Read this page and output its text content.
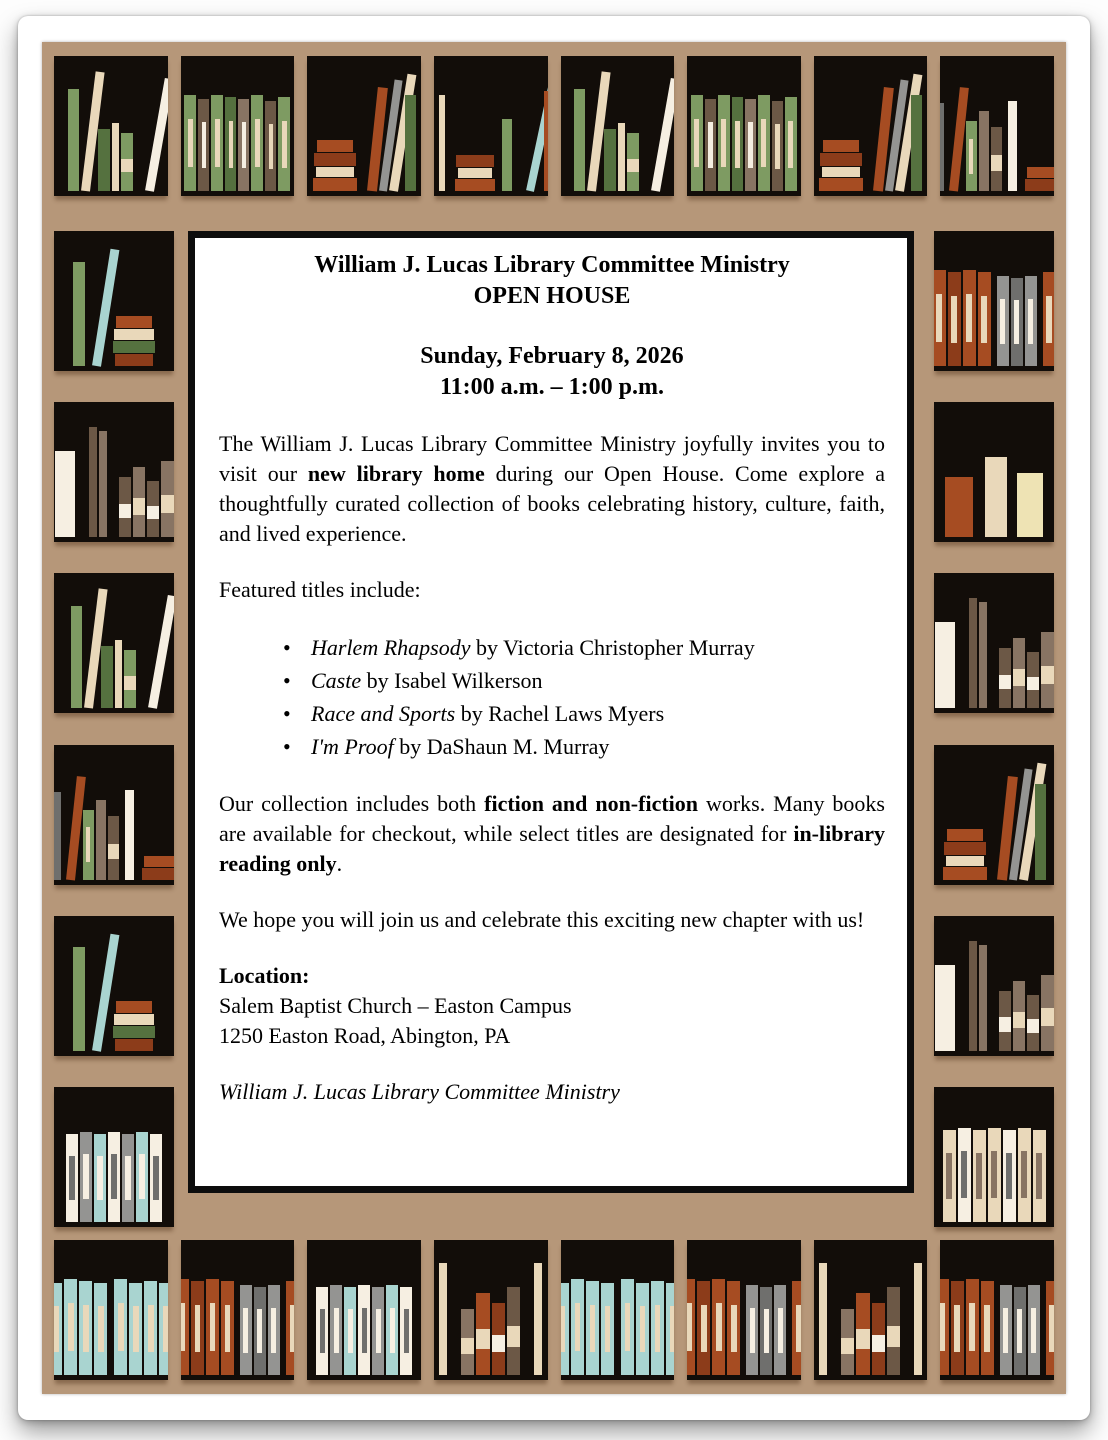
William J. Lucas Library Committee Ministry
OPEN HOUSE
Sunday, February 8, 2026
11:00 a.m. – 1:00 p.m.

The William J. Lucas Library Committee Ministry joyfully invites you to visit our new library home during our Open House. Come explore a thoughtfully curated collection of books celebrating history, culture, faith, and lived experience.

Featured titles include:

• Harlem Rhapsody by Victoria Christopher Murray
• Caste by Isabel Wilkerson
• Race and Sports by Rachel Laws Myers
• I'm Proof by DaShaun M. Murray

Our collection includes both fiction and non-fiction works. Many books are available for checkout, while select titles are designated for in-library reading only.

We hope you will join us and celebrate this exciting new chapter with us!

Location:
Salem Baptist Church – Easton Campus
1250 Easton Road, Abington, PA

William J. Lucas Library Committee Ministry
